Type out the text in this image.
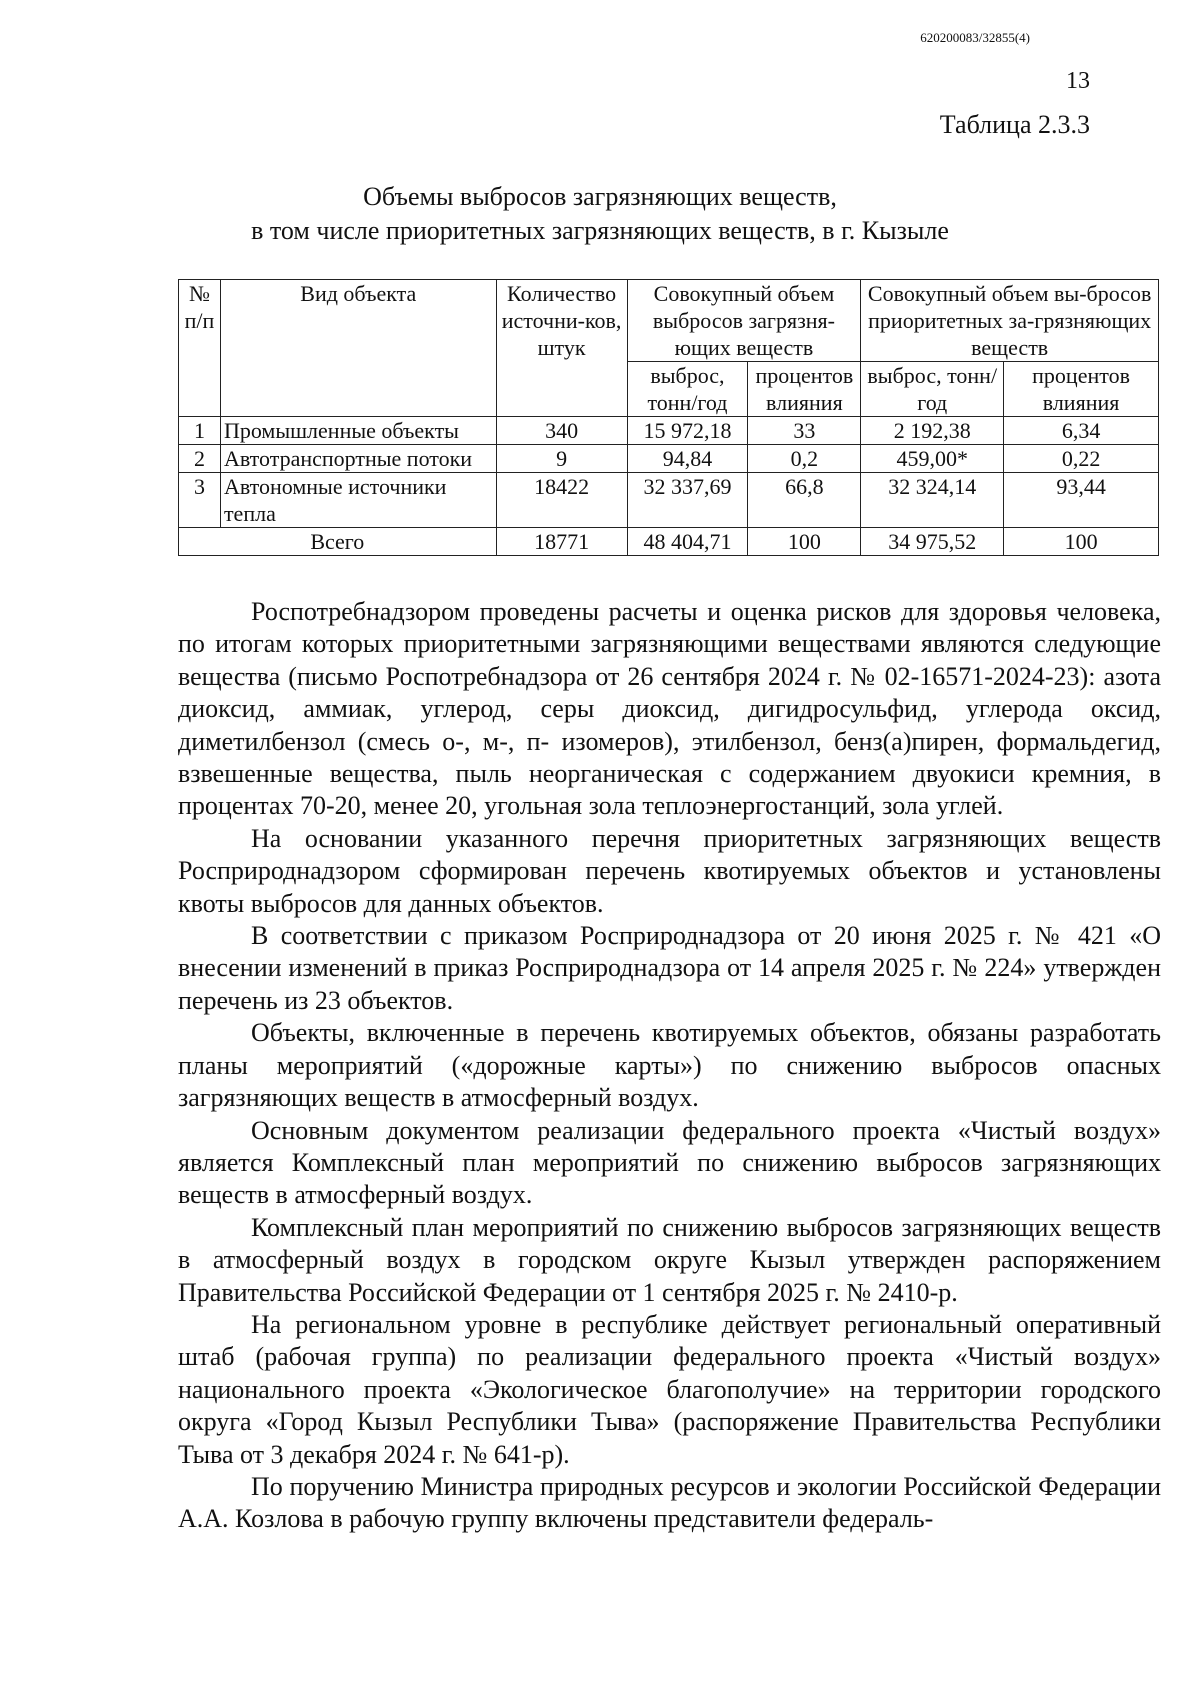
620200083/32855(4)
13
Таблица 2.3.3
Объемы выбросов загрязняющих веществ,
в том числе приоритетных загрязняющих веществ, в г. Кызыле
№ п/п	Вид объекта	Количество источни-ков, штук	Совокупный объем выбросов загрязня-ющих веществ		Совокупный объем вы-бросов приоритетных за-грязняющих веществ	
			выброс, тонн/год	процентов влияния	выброс, тонн/год	процентов влияния
1	Промышленные объекты	340	15 972,18	33	2 192,38	6,34
2	Автотранспортные потоки	9	94,84	0,2	459,00*	0,22
3	Автономные источники тепла	18422	32 337,69	66,8	32 324,14	93,44
Всего		18771	48 404,71	100	34 975,52	100

Роспотребнадзором проведены расчеты и оценка рисков для здоровья человека, по итогам которых приоритетными загрязняющими веществами являются следующие вещества (письмо Роспотребнадзора от 26 сентября 2024 г. № 02-16571-2024-23): азота диоксид, аммиак, углерод, серы диоксид, дигидросульфид, углерода оксид, диметилбензол (смесь о-, м-, п- изомеров), этилбензол, бенз(а)пирен, формальдегид, взвешенные вещества, пыль неорганическая с содержанием двуокиси кремния, в процентах 70-20, менее 20, угольная зола теплоэнергостанций, зола углей.

На основании указанного перечня приоритетных загрязняющих веществ Росприроднадзором сформирован перечень квотируемых объектов и установлены квоты выбросов для данных объектов.

В соответствии с приказом Росприроднадзора от 20 июня 2025 г. № 421 «О внесении изменений в приказ Росприроднадзора от 14 апреля 2025 г. № 224» утвержден перечень из 23 объектов.

Объекты, включенные в перечень квотируемых объектов, обязаны разработать планы мероприятий («дорожные карты») по снижению выбросов опасных загрязняющих веществ в атмосферный воздух.

Основным документом реализации федерального проекта «Чистый воздух» является Комплексный план мероприятий по снижению выбросов загрязняющих веществ в атмосферный воздух.

Комплексный план мероприятий по снижению выбросов загрязняющих веществ в атмосферный воздух в городском округе Кызыл утвержден распоряжением Правительства Российской Федерации от 1 сентября 2025 г. № 2410-р.

На региональном уровне в республике действует региональный оперативный штаб (рабочая группа) по реализации федерального проекта «Чистый воздух» национального проекта «Экологическое благополучие» на территории городского округа «Город Кызыл Республики Тыва» (распоряжение Правительства Республики Тыва от 3 декабря 2024 г. № 641-р).

По поручению Министра природных ресурсов и экологии Российской Федерации А.А. Козлова в рабочую группу включены представители федераль-
